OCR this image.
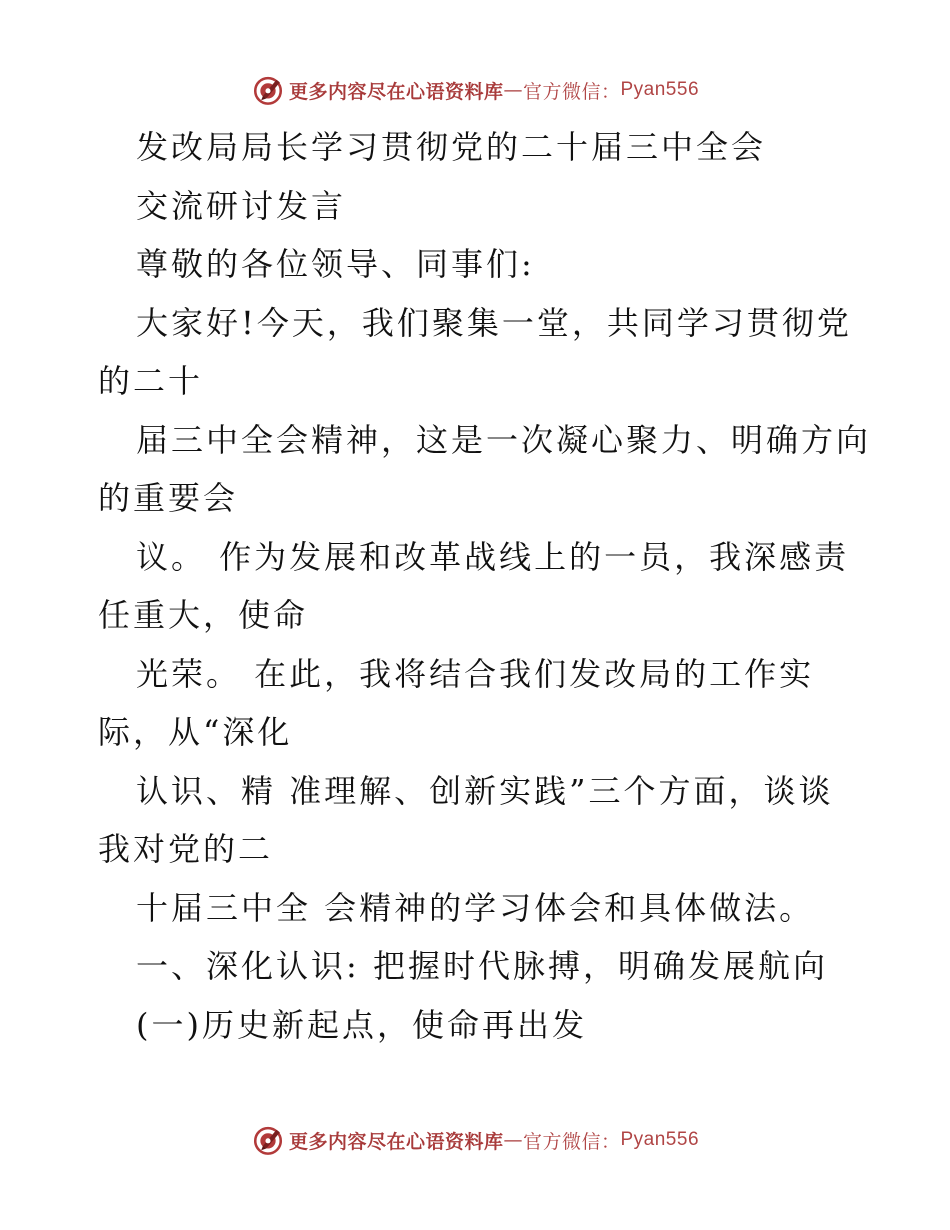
更多内容尽在心语资料库 — 官方微信： Pyan556
发改局局长学习贯彻党的二十届三中全会
交流研讨发言
尊敬的各位领导、同事们:
大家好!今天，我们聚集一堂，共同学习贯彻党
的二十
届三中全会精神，这是一次凝心聚力、明确方向
的重要会
议。 作为发展和改革战线上的一员，我深感责
任重大，使命
光荣。 在此，我将结合我们发改局的工作实
际，从“深化
认识、精 准理解、创新实践”三个方面，谈谈
我对党的二
十届三中全 会精神的学习体会和具体做法。
一、深化认识: 把握时代脉搏，明确发展航向
(一)历史新起点，使命再出发
更多内容尽在心语资料库 — 官方微信： Pyan556
